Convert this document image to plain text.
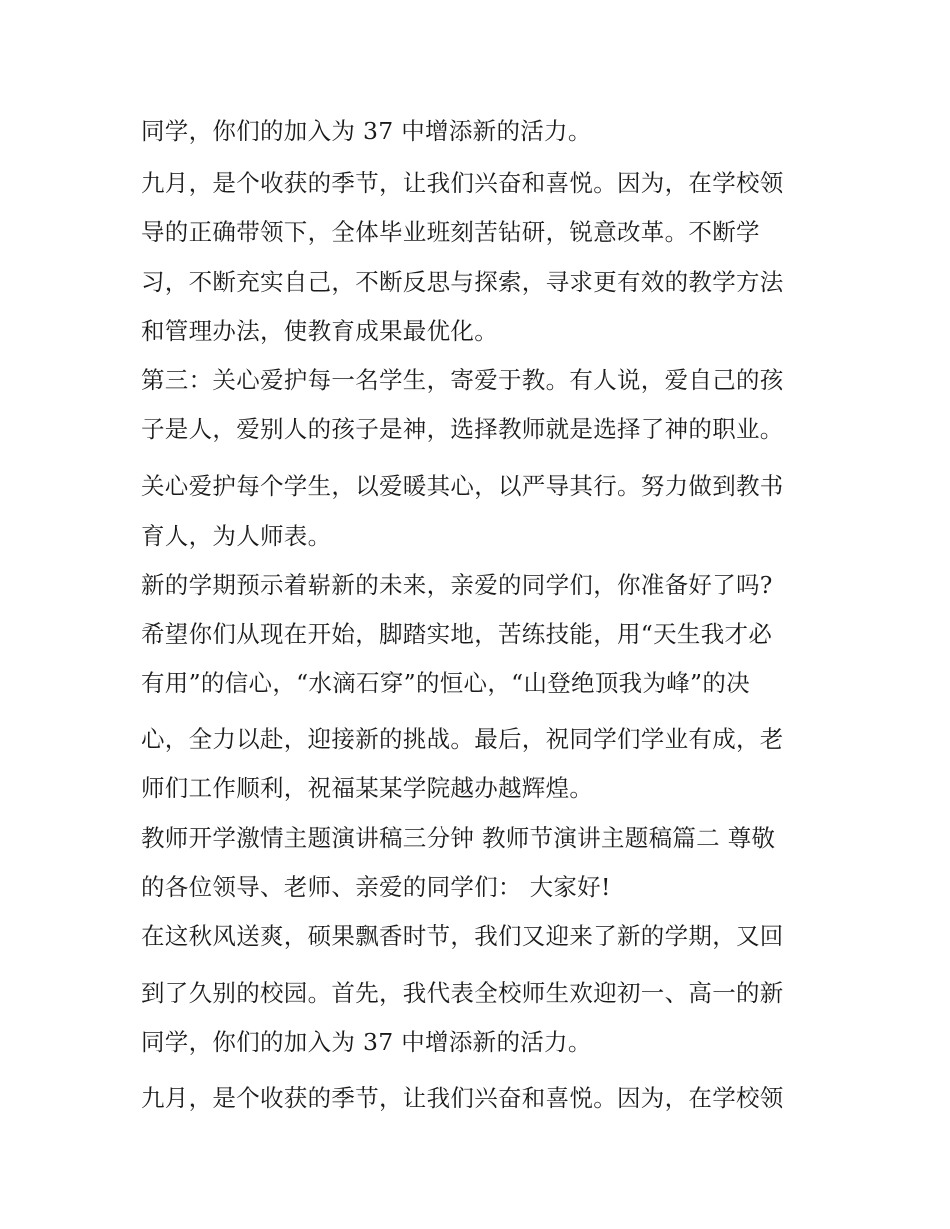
同学，你们的加入为 37 中增添新的活力。
九月，是个收获的季节，让我们兴奋和喜悦。因为，在学校领
导的正确带领下，全体毕业班刻苦钻研，锐意改革。不断学
习，不断充实自己，不断反思与探索，寻求更有效的教学方法
和管理办法，使教育成果最优化。
第三：关心爱护每一名学生，寄爱于教。有人说，爱自己的孩
子是人，爱别人的孩子是神，选择教师就是选择了神的职业。
关心爱护每个学生，以爱暖其心，以严导其行。努力做到教书
育人，为人师表。
新的学期预示着崭新的未来，亲爱的同学们，你准备好了吗?
希望你们从现在开始，脚踏实地，苦练技能，用“天生我才必
有用”的信心，“水滴石穿”的恒心，“山登绝顶我为峰”的决
心，全力以赴，迎接新的挑战。最后，祝同学们学业有成，老
师们工作顺利，祝福某某学院越办越辉煌。
教师开学激情主题演讲稿三分钟 教师节演讲主题稿篇二 尊敬
的各位领导、老师、亲爱的同学们： 大家好!
在这秋风送爽，硕果飘香时节，我们又迎来了新的学期，又回
到了久别的校园。首先，我代表全校师生欢迎初一、高一的新
同学，你们的加入为 37 中增添新的活力。
九月，是个收获的季节，让我们兴奋和喜悦。因为，在学校领
